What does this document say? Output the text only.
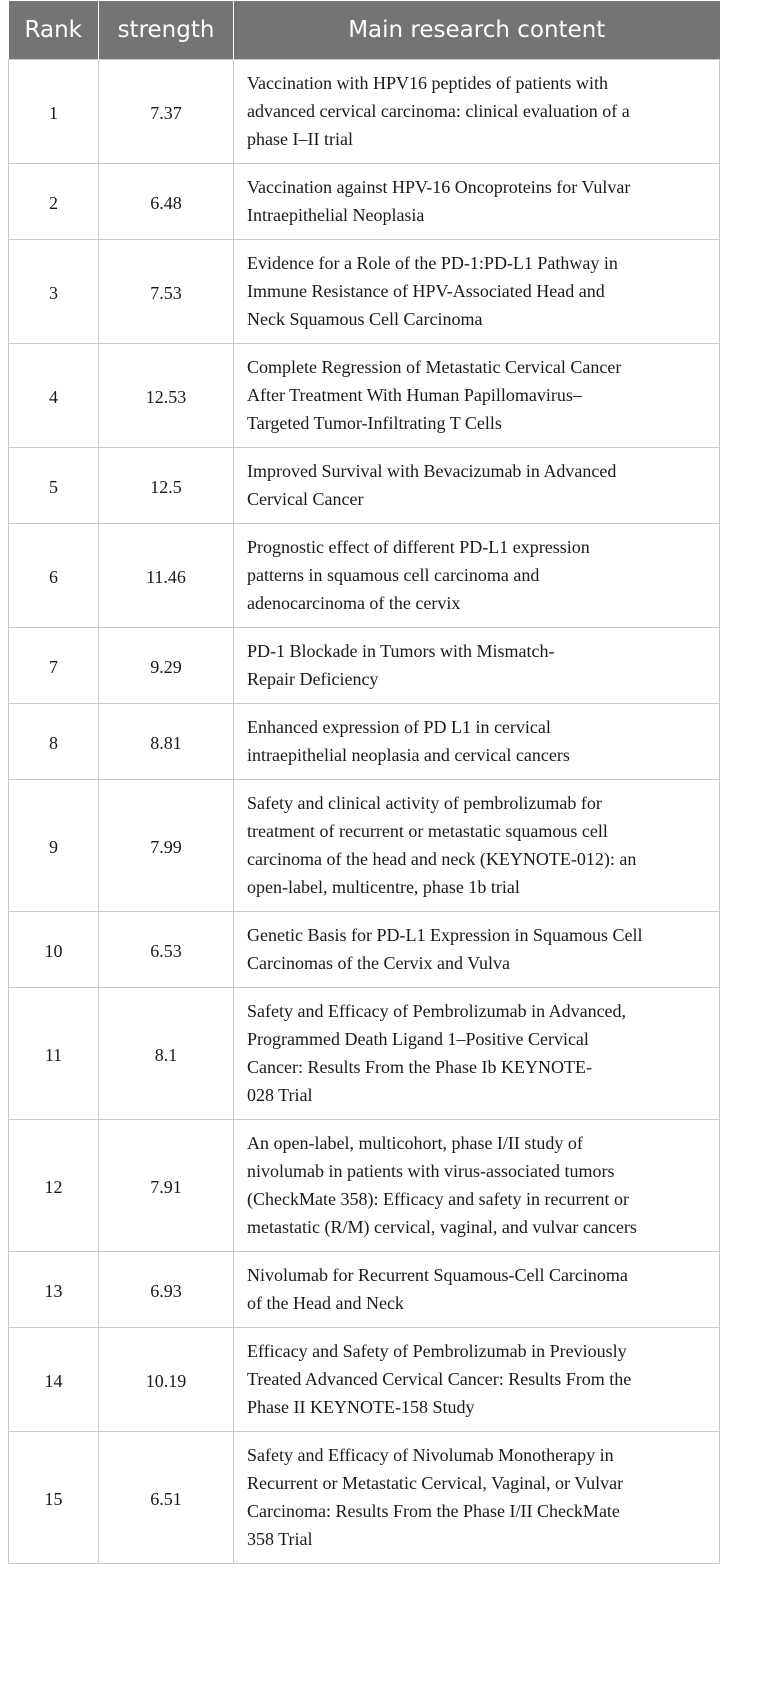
Rank	strength	Main research content
1	7.37	Vaccination with HPV16 peptides of patients with
advanced cervical carcinoma: clinical evaluation of a
phase I–II trial

2	6.48	Vaccination against HPV-16 Oncoproteins for Vulvar
Intraepithelial Neoplasia

3	7.53	Evidence for a Role of the PD-1:PD-L1 Pathway in
Immune Resistance of HPV-Associated Head and
Neck Squamous Cell Carcinoma

4	12.53	Complete Regression of Metastatic Cervical Cancer
After Treatment With Human Papillomavirus–
Targeted Tumor-Infiltrating T Cells

5	12.5	Improved Survival with Bevacizumab in Advanced
Cervical Cancer

6	11.46	Prognostic effect of different PD-L1 expression
patterns in squamous cell carcinoma and
adenocarcinoma of the cervix

7	9.29	PD-1 Blockade in Tumors with Mismatch-
Repair Deficiency

8	8.81	Enhanced expression of PD L1 in cervical
intraepithelial neoplasia and cervical cancers

9	7.99	Safety and clinical activity of pembrolizumab for
treatment of recurrent or metastatic squamous cell
carcinoma of the head and neck (KEYNOTE-012): an
open-label, multicentre, phase 1b trial

10	6.53	Genetic Basis for PD-L1 Expression in Squamous Cell
Carcinomas of the Cervix and Vulva

11	8.1	Safety and Efficacy of Pembrolizumab in Advanced,
Programmed Death Ligand 1–Positive Cervical
Cancer: Results From the Phase Ib KEYNOTE-
028 Trial

12	7.91	An open-label, multicohort, phase I/II study of
nivolumab in patients with virus-associated tumors
(CheckMate 358): Efficacy and safety in recurrent or
metastatic (R/M) cervical, vaginal, and vulvar cancers

13	6.93	Nivolumab for Recurrent Squamous-Cell Carcinoma
of the Head and Neck

14	10.19	Efficacy and Safety of Pembrolizumab in Previously
Treated Advanced Cervical Cancer: Results From the
Phase II KEYNOTE-158 Study

15	6.51	Safety and Efficacy of Nivolumab Monotherapy in
Recurrent or Metastatic Cervical, Vaginal, or Vulvar
Carcinoma: Results From the Phase I/II CheckMate
358 Trial
